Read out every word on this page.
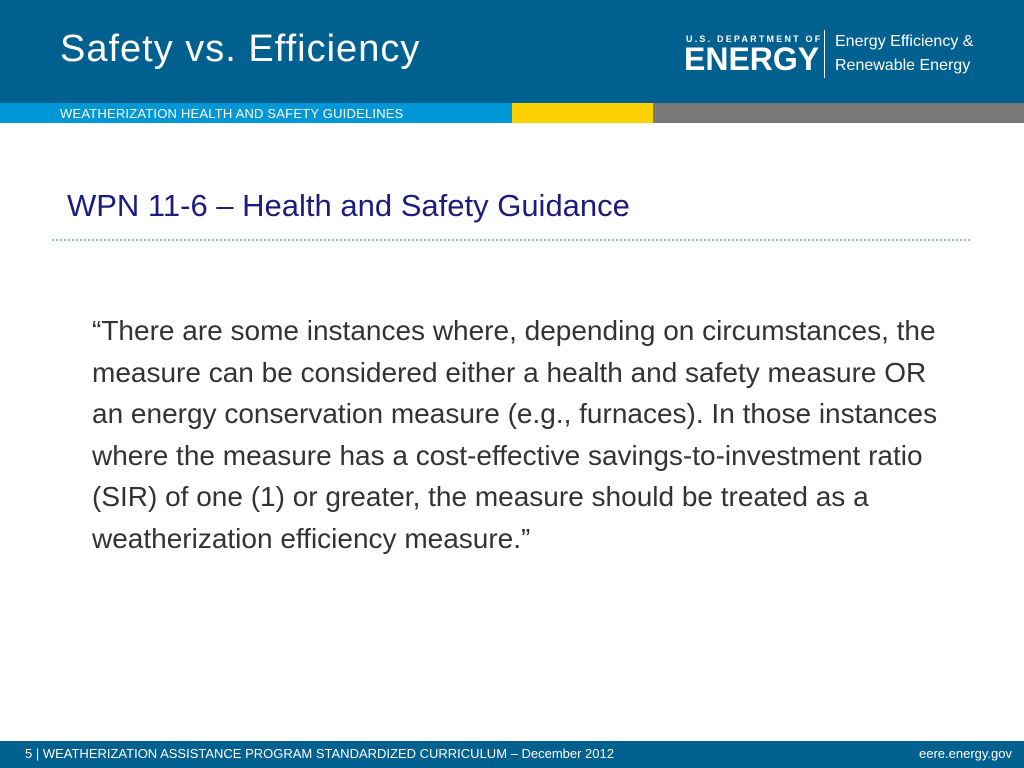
Safety vs. Efficiency	U.S. DEPARTMENT OF
ENERGY Energy Efficiency &
Renewable Energy
WEATHERIZATION HEALTH AND SAFETY GUIDELINES
WPN 11-6 – Health and Safety Guidance
“There are some instances where, depending on circumstances, the measure can be considered either a health and safety measure OR an energy conservation measure (e.g., furnaces). In those instances where the measure has a cost-effective savings-to-investment ratio (SIR) of one (1) or greater, the measure should be treated as a weatherization efficiency measure.”
5 | WEATHERIZATION ASSISTANCE PROGRAM STANDARDIZED CURRICULUM – December 2012	eere.energy.gov
